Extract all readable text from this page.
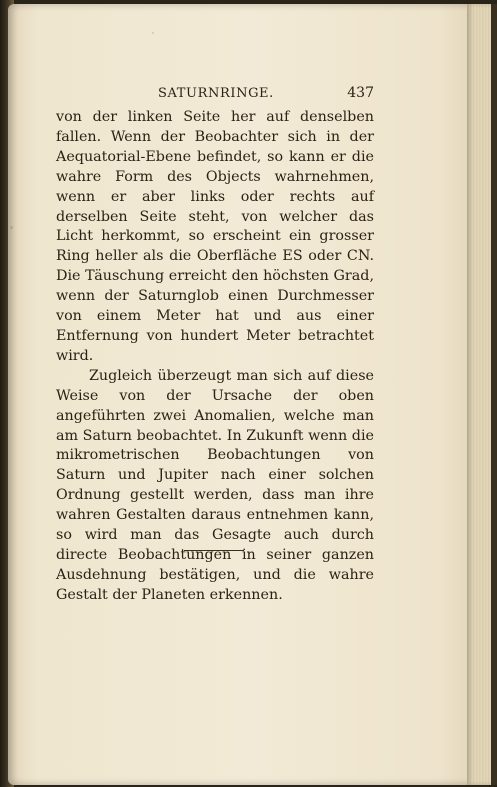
SATURNRINGE.	437

von der linken Seite her auf denselben fallen. Wenn der Beobachter sich in der Aequatorial-Ebene befindet, so kann er die wahre Form des Objects wahrnehmen, wenn er aber links oder rechts auf derselben Seite steht, von welcher das Licht herkommt, so erscheint ein grosser Ring heller als die Oberfläche ES oder CN. Die Täuschung erreicht den höchsten Grad, wenn der Saturnglob einen Durchmesser von einem Meter hat und aus einer Entfernung von hundert Meter betrachtet wird.

Zugleich überzeugt man sich auf diese Weise von der Ursache der oben angeführten zwei Anomalien, welche man am Saturn beobachtet. In Zukunft wenn die mikrometrischen Beobachtungen von Saturn und Jupiter nach einer solchen Ordnung gestellt werden, dass man ihre wahren Gestalten daraus entnehmen kann, so wird man das Gesagte auch durch directe Beobachtungen in seiner ganzen Ausdehnung bestätigen, und die wahre Gestalt der Planeten erkennen.
